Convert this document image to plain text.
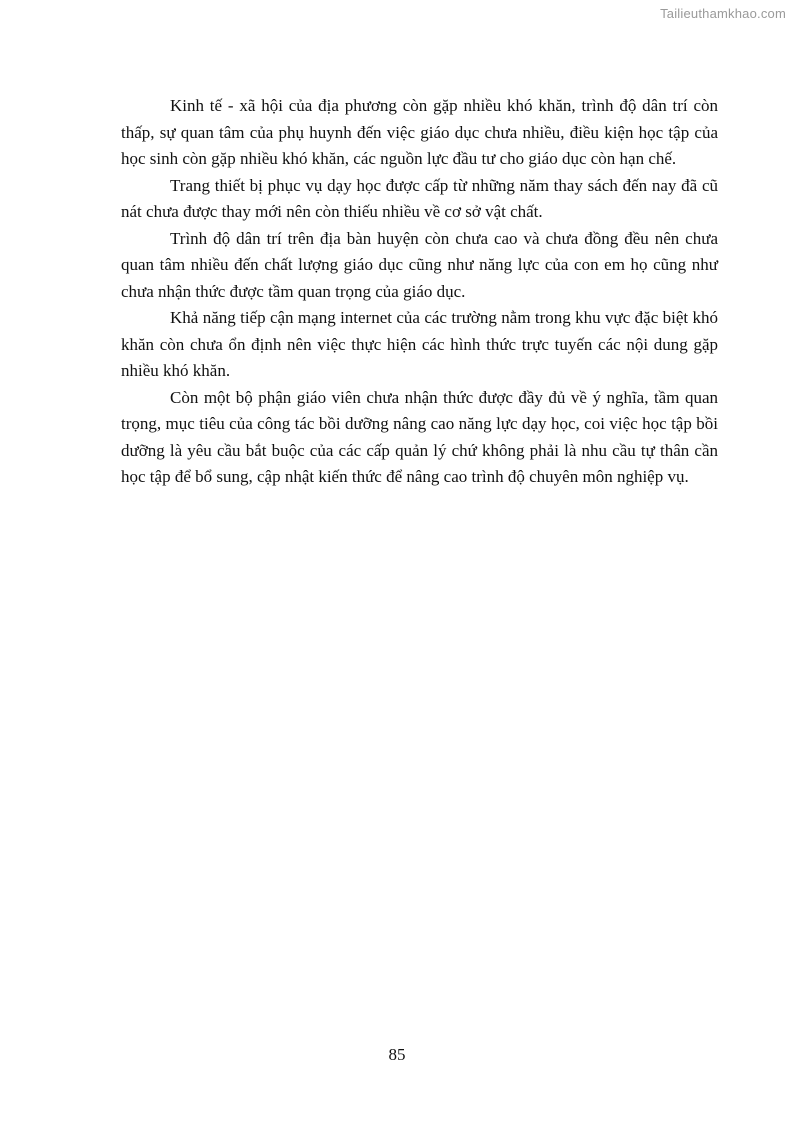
Tailieuthamkhao.com

Kinh tế - xã hội của địa phương còn gặp nhiều khó khăn, trình độ dân trí còn thấp, sự quan tâm của phụ huynh đến việc giáo dục chưa nhiều, điều kiện học tập của học sinh còn gặp nhiều khó khăn, các nguồn lực đầu tư cho giáo dục còn hạn chế.

Trang thiết bị phục vụ dạy học được cấp từ những năm thay sách đến nay đã cũ nát chưa được thay mới nên còn thiếu nhiều về cơ sở vật chất.

Trình độ dân trí trên địa bàn huyện còn chưa cao và chưa đồng đều nên chưa quan tâm nhiều đến chất lượng giáo dục cũng như năng lực của con em họ cũng như chưa nhận thức được tầm quan trọng của giáo dục.

Khả năng tiếp cận mạng internet của các trường nằm trong khu vực đặc biệt khó khăn còn chưa ổn định nên việc thực hiện các hình thức trực tuyến các nội dung gặp nhiều khó khăn.

Còn một bộ phận giáo viên chưa nhận thức được đầy đủ về ý nghĩa, tầm quan trọng, mục tiêu của công tác bồi dưỡng nâng cao năng lực dạy học, coi việc học tập bồi dưỡng là yêu cầu bắt buộc của các cấp quản lý chứ không phải là nhu cầu tự thân cần học tập để bổ sung, cập nhật kiến thức để nâng cao trình độ chuyên môn nghiệp vụ.

85
